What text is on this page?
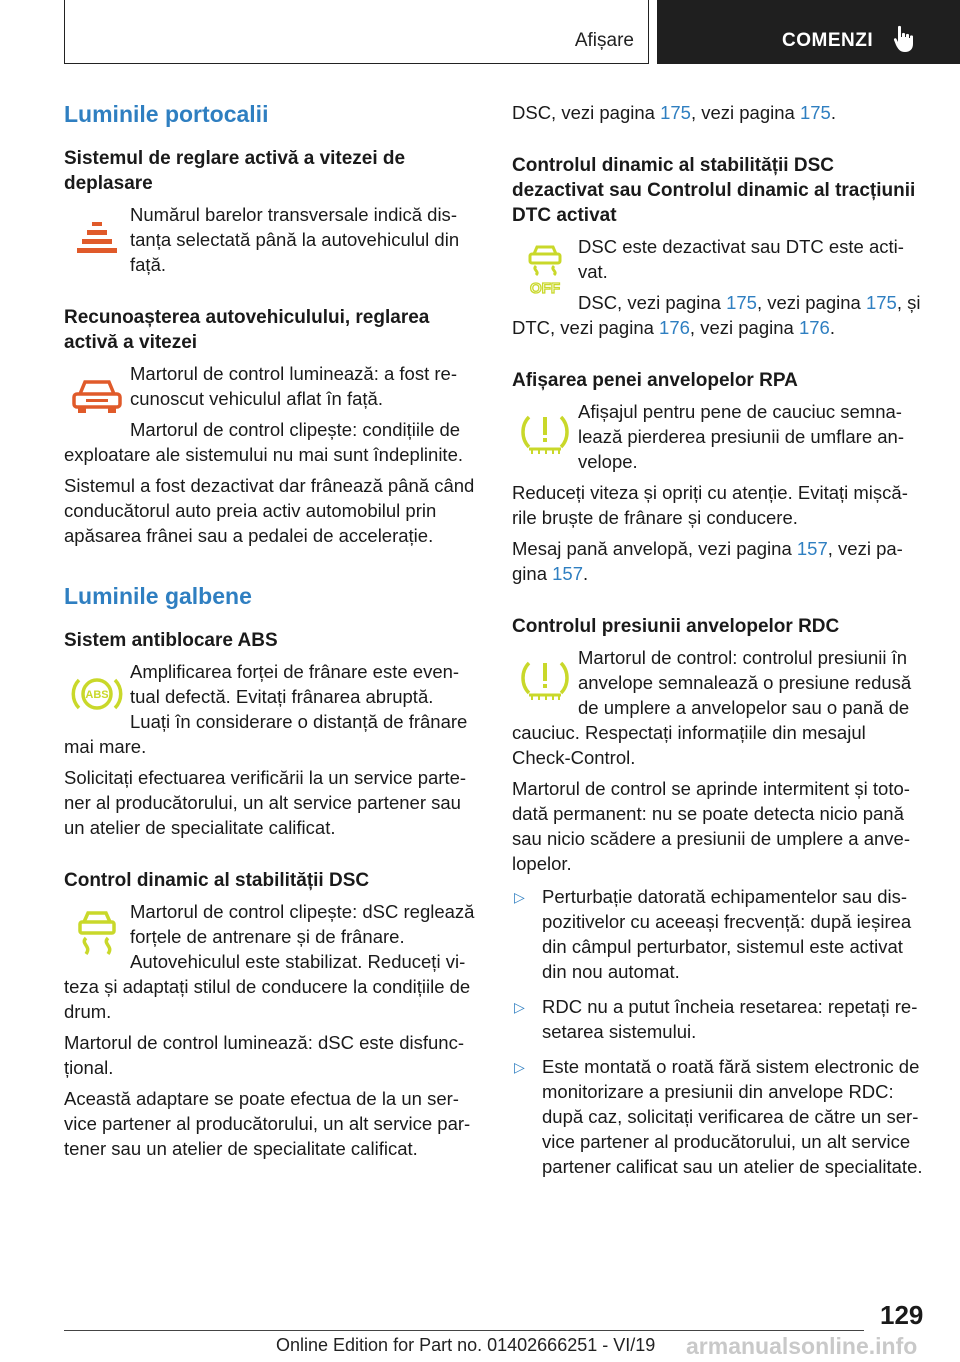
Afișare	COMENZI
Luminile portocalii
Sistemul de reglare activă a vitezei de deplasare

Numărul barelor transversale indică distanța selectată până la autovehiculul din față.

Recunoașterea autovehiculului, reglarea activă a vitezei

Martorul de control luminează: a fost recunoscut vehiculul aflat în față.

Martorul de control clipește: condițiile de exploatare ale sistemului nu mai sunt îndeplinite.

Sistemul a fost dezactivat dar frânează până când conducătorul auto preia activ automobilul prin apăsarea frânei sau a pedalei de accelerație.

Luminile galbene
Sistem antiblocare ABS
ABS

Amplificarea forței de frânare este eventual defectă. Evitați frânarea abruptă. Luați în considerare o distanță de frânare mai mare.

Solicitați efectuarea verificării la un service partener al producătorului, un alt service partener sau un atelier de specialitate calificat.

Control dinamic al stabilității DSC

Martorul de control clipește: dSC reglează forțele de antrenare și de frânare. Autovehiculul este stabilizat. Reduceți viteza și adaptați stilul de conducere la condițiile de drum.

Martorul de control luminează: dSC este disfuncțional.

Această adaptare se poate efectua de la un service partener al producătorului, un alt service partener sau un atelier de specialitate calificat.

DSC, vezi pagina 175, vezi pagina 175.

Controlul dinamic al stabilității DSC dezactivat sau Controlul dinamic al tracțiunii DTC activat
OFF

DSC este dezactivat sau DTC este activat.

DSC, vezi pagina 175, vezi pagina 175, și DTC, vezi pagina 176, vezi pagina 176.

Afișarea penei anvelopelor RPA

Afișajul pentru pene de cauciuc semnalează pierderea presiunii de umflare anvelope.

Reduceți viteza și opriți cu atenție. Evitați mișcările bruște de frânare și conducere.

Mesaj pană anvelopă, vezi pagina 157, vezi pagina 157.

Controlul presiunii anvelopelor RDC

Martorul de control: controlul presiunii în anvelope semnalează o presiune redusă de umplere a anvelopelor sau o pană de cauciuc. Respectați informațiile din mesajul Check-Control.

Martorul de control se aprinde intermitent și totodată permanent: nu se poate detecta nicio pană sau nicio scădere a presiunii de umplere a anvelopelor.

▷ Perturbație datorată echipamentelor sau dispozitivelor cu aceeași frecvență: după ieșirea din câmpul perturbator, sistemul este activat din nou automat.
▷ RDC nu a putut încheia resetarea: repetați resetarea sistemului.
▷ Este montată o roată fără sistem electronic de monitorizare a presiunii din anvelope RDC: după caz, solicitați verificarea de către un service partener al producătorului, un alt service partener calificat sau un atelier de specialitate.
129
Online Edition for Part no. 01402666251 - VI/19 armanualsonline.info
